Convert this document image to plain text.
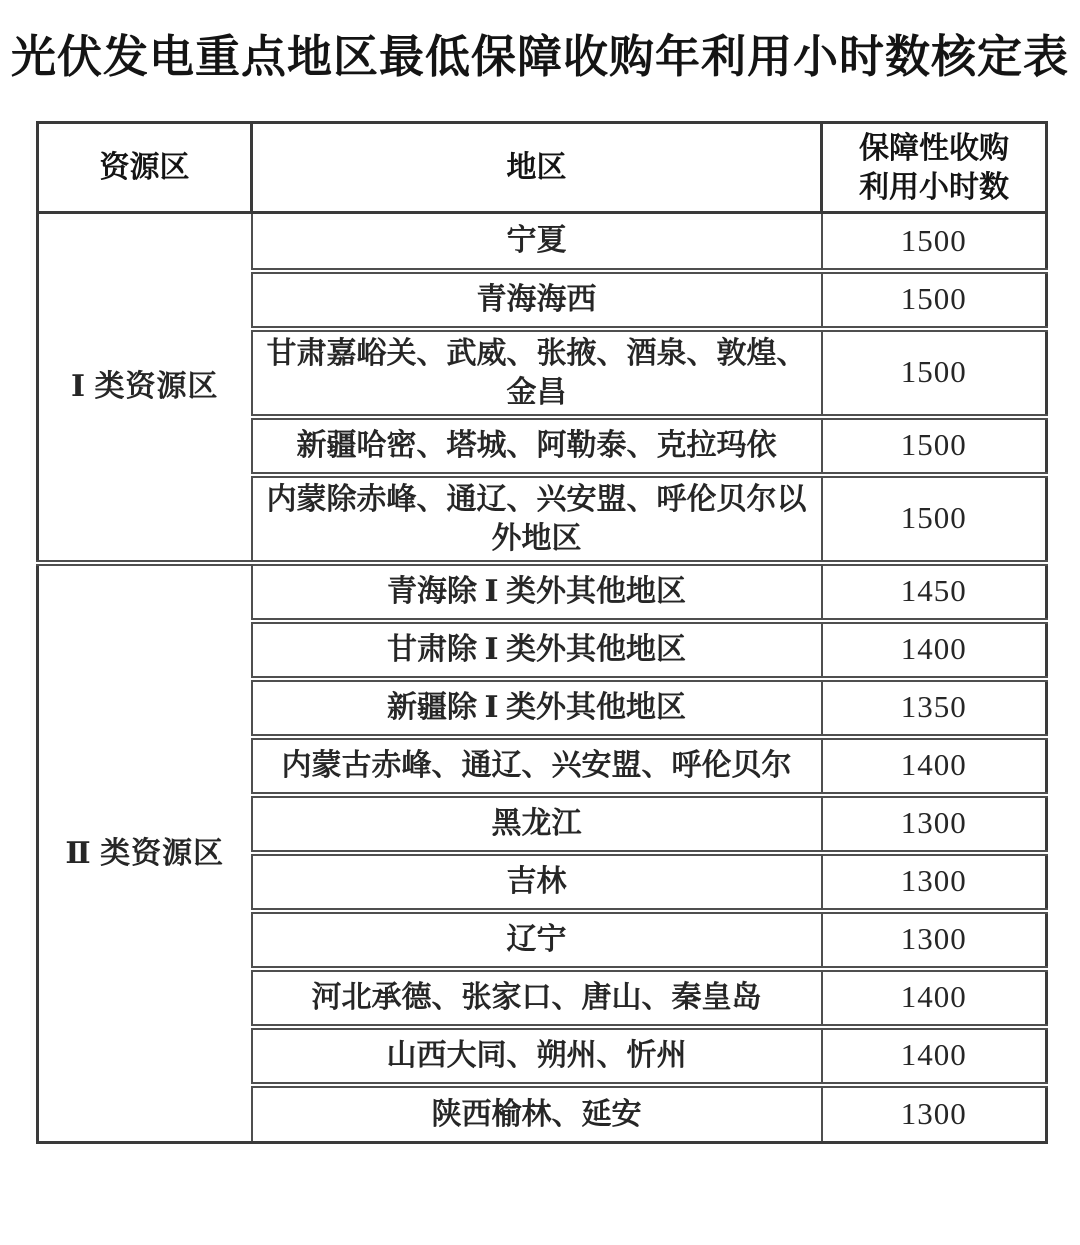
光伏发电重点地区最低保障收购年利用小时数核定表
资源区	地区	保障性收购
利用小时数

Ⅰ 类资源区	宁夏	1500
	青海海西	1500
	甘肃嘉峪关、武威、张掖、酒泉、敦煌、金昌	1500
	新疆哈密、塔城、阿勒泰、克拉玛依	1500
	内蒙除赤峰、通辽、兴安盟、呼伦贝尔以外地区	1500
Ⅱ 类资源区	青海除 Ⅰ 类外其他地区	1450
	甘肃除 Ⅰ 类外其他地区	1400
	新疆除 Ⅰ 类外其他地区	1350
	内蒙古赤峰、通辽、兴安盟、呼伦贝尔	1400
	黑龙江	1300
	吉林	1300
	辽宁	1300
	河北承德、张家口、唐山、秦皇岛	1400
	山西大同、朔州、忻州	1400
	陕西榆林、延安	1300
